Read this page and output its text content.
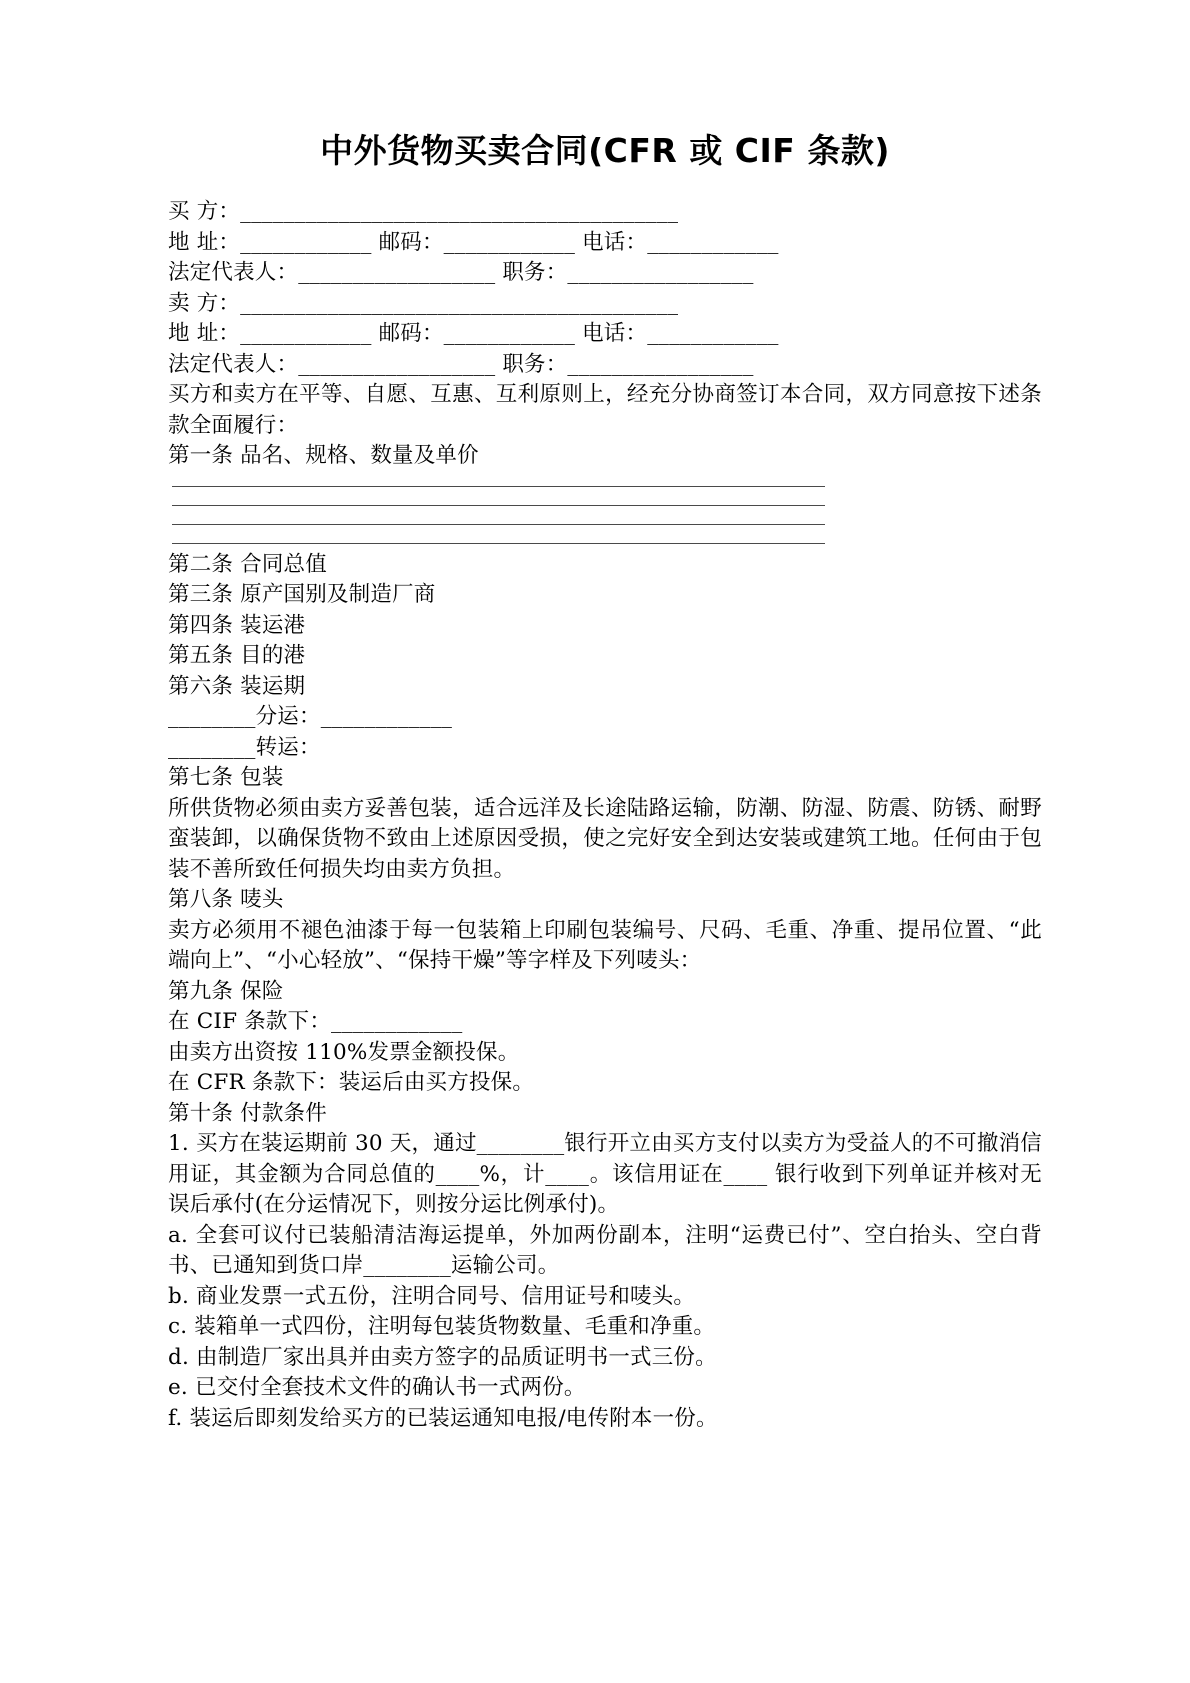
中外货物买卖合同(CFR 或 CIF 条款)
买 方：________________________________________
地 址：____________ 邮码：____________ 电话：____________
法定代表人：__________________ 职务：_________________
卖 方：________________________________________
地 址：____________ 邮码：____________ 电话：____________
法定代表人：__________________ 职务：_________________

买方和卖方在平等、自愿、互惠、互利原则上，经充分协商签订本合同，双方同意按下述条款全面履行：

第一条 品名、规格、数量及单价
第二条 合同总值
第三条 原产国别及制造厂商
第四条 装运港
第五条 目的港
第六条 装运期
________分运：____________
________转运：
第七条 包装

所供货物必须由卖方妥善包装，适合远洋及长途陆路运输，防潮、防湿、防震、防锈、耐野蛮装卸，以确保货物不致由上述原因受损，使之完好安全到达安装或建筑工地。任何由于包装不善所致任何损失均由卖方负担。

第八条 唛头

卖方必须用不褪色油漆于每一包装箱上印刷包装编号、尺码、毛重、净重、提吊位置、“此端向上”、“小心轻放”、“保持干燥”等字样及下列唛头：

第九条 保险
在 CIF 条款下：____________
由卖方出资按 110%发票金额投保。
在 CFR 条款下：装运后由买方投保。
第十条 付款条件

1. 买方在装运期前 30 天，通过________银行开立由买方支付以卖方为受益人的不可撤消信用证，其金额为合同总值的____%，计____。该信用证在____ 银行收到下列单证并核对无误后承付(在分运情况下，则按分运比例承付)。

a. 全套可议付已装船清洁海运提单，外加两份副本，注明“运费已付”、空白抬头、空白背书、已通知到货口岸________运输公司。

b. 商业发票一式五份，注明合同号、信用证号和唛头。

c. 装箱单一式四份，注明每包装货物数量、毛重和净重。

d. 由制造厂家出具并由卖方签字的品质证明书一式三份。

e. 已交付全套技术文件的确认书一式两份。

f. 装运后即刻发给买方的已装运通知电报/电传附本一份。
